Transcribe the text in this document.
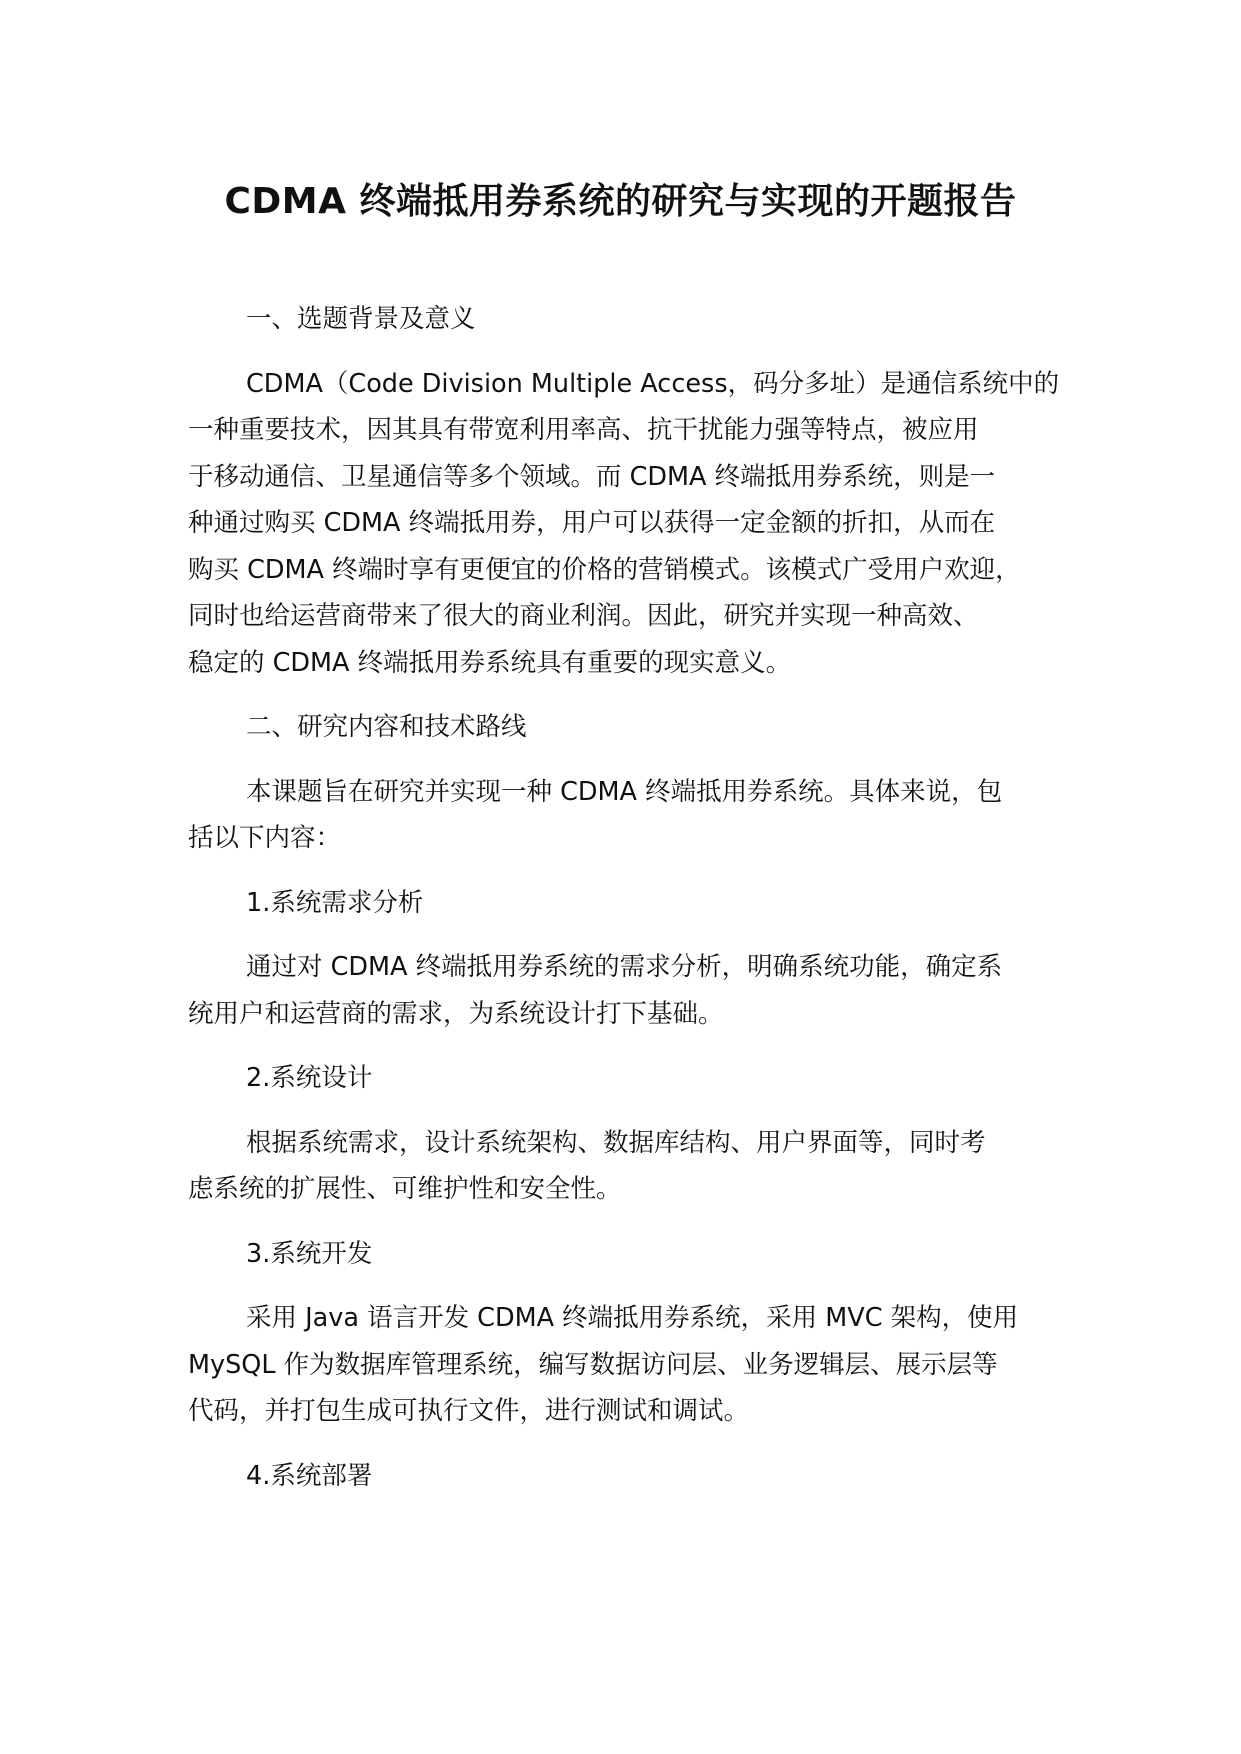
CDMA 终端抵用券系统的研究与实现的开题报告
一、选题背景及意义
CDMA（Code Division Multiple Access，码分多址）是通信系统中的
一种重要技术，因其具有带宽利用率高、抗干扰能力强等特点，被应用
于移动通信、卫星通信等多个领域。而 CDMA 终端抵用券系统，则是一
种通过购买 CDMA 终端抵用券，用户可以获得一定金额的折扣，从而在
购买 CDMA 终端时享有更便宜的价格的营销模式。该模式广受用户欢迎，
同时也给运营商带来了很大的商业利润。因此，研究并实现一种高效、
稳定的 CDMA 终端抵用券系统具有重要的现实意义。
二、研究内容和技术路线
本课题旨在研究并实现一种 CDMA 终端抵用券系统。具体来说，包
括以下内容：
1.系统需求分析
通过对 CDMA 终端抵用券系统的需求分析，明确系统功能，确定系
统用户和运营商的需求，为系统设计打下基础。
2.系统设计
根据系统需求，设计系统架构、数据库结构、用户界面等，同时考
虑系统的扩展性、可维护性和安全性。
3.系统开发
采用 Java 语言开发 CDMA 终端抵用券系统，采用 MVC 架构，使用
MySQL 作为数据库管理系统，编写数据访问层、业务逻辑层、展示层等
代码，并打包生成可执行文件，进行测试和调试。
4.系统部署
